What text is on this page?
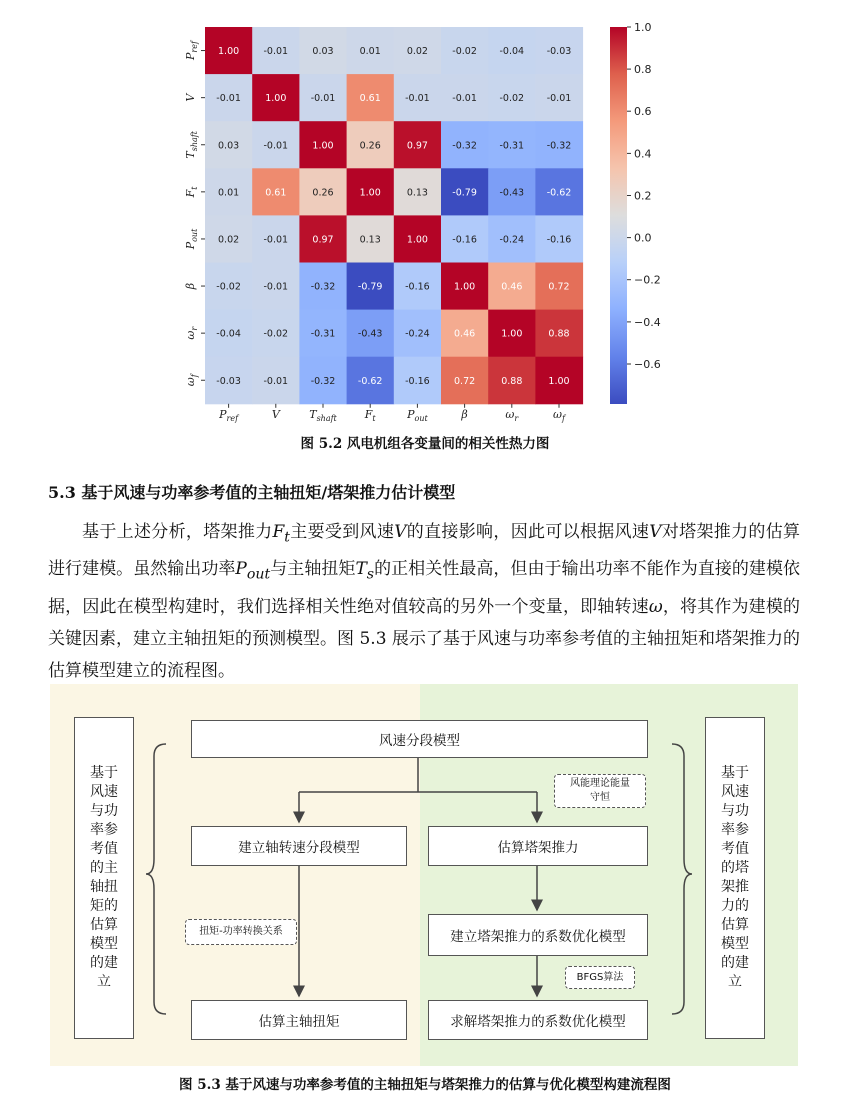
1.00	-0.01	0.03	0.01	0.02	-0.02 -0.04 -0.03
-0.01	1.00	-0.01	0.61	-0.01 -0.01 -0.02 -0.01
0.03	-0.01	1.00	0.26	0.97	-0.32 -0.31 -0.32
0.01	0.61	0.26	1.00	0.13	-0.79 -0.43 -0.62
0.02	-0.01	0.97	0.13	1.00	-0.16 -0.24 -0.16
-0.02 -0.01 -0.32 -0.79 -0.16	1.00	0.46	0.72
-0.04 -0.02 -0.31 -0.43 -0.24	0.46	1.00	0.88
-0.03 -0.01 -0.32 -0.62 -0.16	0.72	0.88	1.00
$P_{ref}$
V
$T_{shaft}$
$F_t$
$P_{out}$
β
$\omega_r$
$\omega_f$
$P_{ref}$	V	$T_{shaft}$	$F_t$	$P_{out}$	β	$\omega_r$	$\omega_f$
1.0
0.8
0.6
0.4
0.2
0.0
−0.2
−0.4
−0.6
图 5.2 风电机组各变量间的相关性热力图
5.3 基于风速与功率参考值的主轴扭矩/塔架推力估计模型
基于上述分析，塔架推力$F_t$主要受到风速V的直接影响，因此可以根据风速V对塔架推力的估算进行建模。虽然输出功率$P_{out}$与主轴扭矩$T_s$的正相关性最高，但由于输出功率不能作为直接的建模依据，因此在模型构建时，我们选择相关性绝对值较高的另外一个变量，即轴转速ω，将其作为建模的关键因素，建立主轴扭矩的预测模型。图 5.3 展示了基于风速与功率参考值的主轴扭矩和塔架推力的估算模型建立的流程图。
风速分段模型
建立轴转速分段模型
估算主轴扭矩
估算塔架推力
建立塔架推力的系数优化模型
求解塔架推力的系数优化模型
风能理论能量守恒
扭矩-功率转换关系
BFGS算法
基于风速与功率参考值的主轴扭矩的估算模型的建立
基于风速与功率参考值的塔架推力的估算模型的建立
图 5.3 基于风速与功率参考值的主轴扭矩与塔架推力的估算与优化模型构建流程图
